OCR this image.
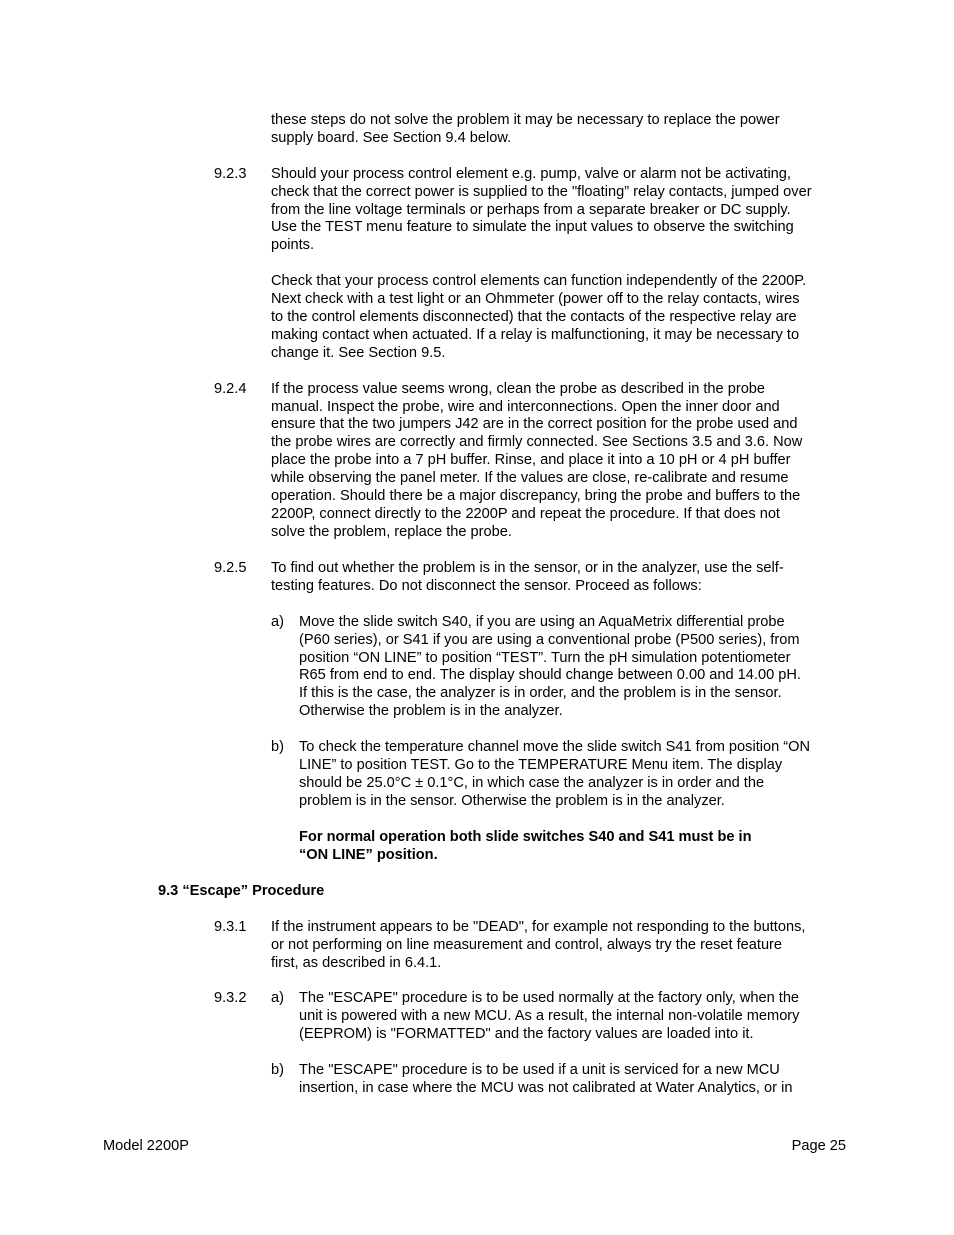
these steps do not solve the problem it may be necessary to replace the power
supply board. See Section 9.4 below.
9.2.3 Should your process control element e.g. pump, valve or alarm not be activating,
check that the correct power is supplied to the "floating” relay contacts, jumped over
from the line voltage terminals or perhaps from a separate breaker or DC supply.
Use the TEST menu feature to simulate the input values to observe the switching
points.
Check that your process control elements can function independently of the 2200P.
Next check with a test light or an Ohmmeter (power off to the relay contacts, wires
to the control elements disconnected) that the contacts of the respective relay are
making contact when actuated. If a relay is malfunctioning, it may be necessary to
change it. See Section 9.5.
9.2.4 If the process value seems wrong, clean the probe as described in the probe
manual. Inspect the probe, wire and interconnections. Open the inner door and
ensure that the two jumpers J42 are in the correct position for the probe used and
the probe wires are correctly and firmly connected. See Sections 3.5 and 3.6. Now
place the probe into a 7 pH buffer. Rinse, and place it into a 10 pH or 4 pH buffer
while observing the panel meter. If the values are close, re-calibrate and resume
operation. Should there be a major discrepancy, bring the probe and buffers to the
2200P, connect directly to the 2200P and repeat the procedure. If that does not
solve the problem, replace the probe.
9.2.5 To find out whether the problem is in the sensor, or in the analyzer, use the self-
testing features. Do not disconnect the sensor. Proceed as follows:
a) Move the slide switch S40, if you are using an AquaMetrix differential probe
(P60 series), or S41 if you are using a conventional probe (P500 series), from
position “ON LINE” to position “TEST”. Turn the pH simulation potentiometer
R65 from end to end. The display should change between 0.00 and 14.00 pH.
If this is the case, the analyzer is in order, and the problem is in the sensor.
Otherwise the problem is in the analyzer.
b) To check the temperature channel move the slide switch S41 from position “ON
LINE” to position TEST. Go to the TEMPERATURE Menu item. The display
should be 25.0°C ± 0.1°C, in which case the analyzer is in order and the
problem is in the sensor. Otherwise the problem is in the analyzer.
For normal operation both slide switches S40 and S41 must be in
“ON LINE” position.
9.3 “Escape” Procedure
9.3.1 If the instrument appears to be "DEAD", for example not responding to the buttons,
or not performing on line measurement and control, always try the reset feature
first, as described in 6.4.1.
9.3.2 a) The "ESCAPE" procedure is to be used normally at the factory only, when the
unit is powered with a new MCU. As a result, the internal non-volatile memory
(EEPROM) is "FORMATTED" and the factory values are loaded into it.
b) The "ESCAPE" procedure is to be used if a unit is serviced for a new MCU
insertion, in case where the MCU was not calibrated at Water Analytics, or in
Model 2200P	Page 25
